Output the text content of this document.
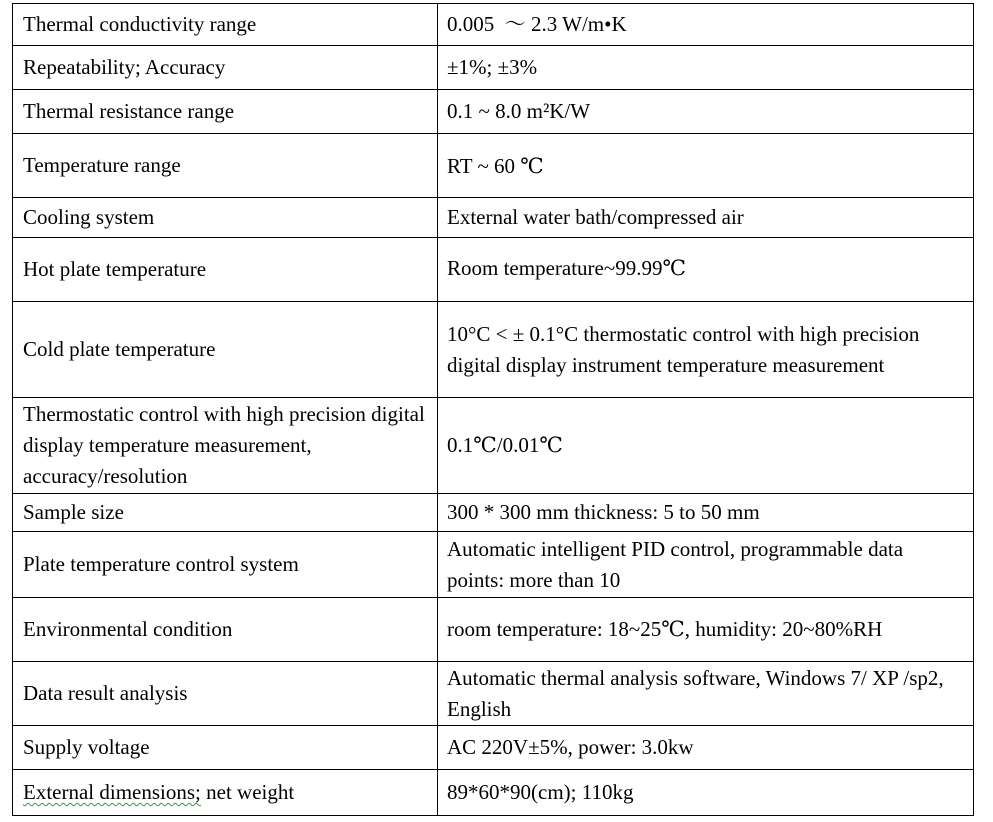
Thermal conductivity range	0.005  ～ 2.3 W/m•K
Repeatability; Accuracy	±1%; ±3%
Thermal resistance range	0.1 ~ 8.0 m²K/W
Temperature range	RT ~ 60 ℃
Cooling system	External water bath/compressed air
Hot plate temperature	Room temperature~99.99℃
Cold plate temperature	10°C < ± 0.1°C thermostatic control with high precision digital display instrument temperature measurement
Thermostatic control with high precision digital display temperature measurement, accuracy/resolution	0.1℃/0.01℃
Sample size	300 * 300 mm thickness: 5 to 50 mm
Plate temperature control system	Automatic intelligent PID control, programmable data points: more than 10
Environmental condition	room temperature: 18~25℃, humidity: 20~80%RH
Data result analysis	Automatic thermal analysis software, Windows 7/ XP /sp2, English
Supply voltage	AC 220V±5%, power: 3.0kw
External dimensions; net weight	89*60*90(cm); 110kg
